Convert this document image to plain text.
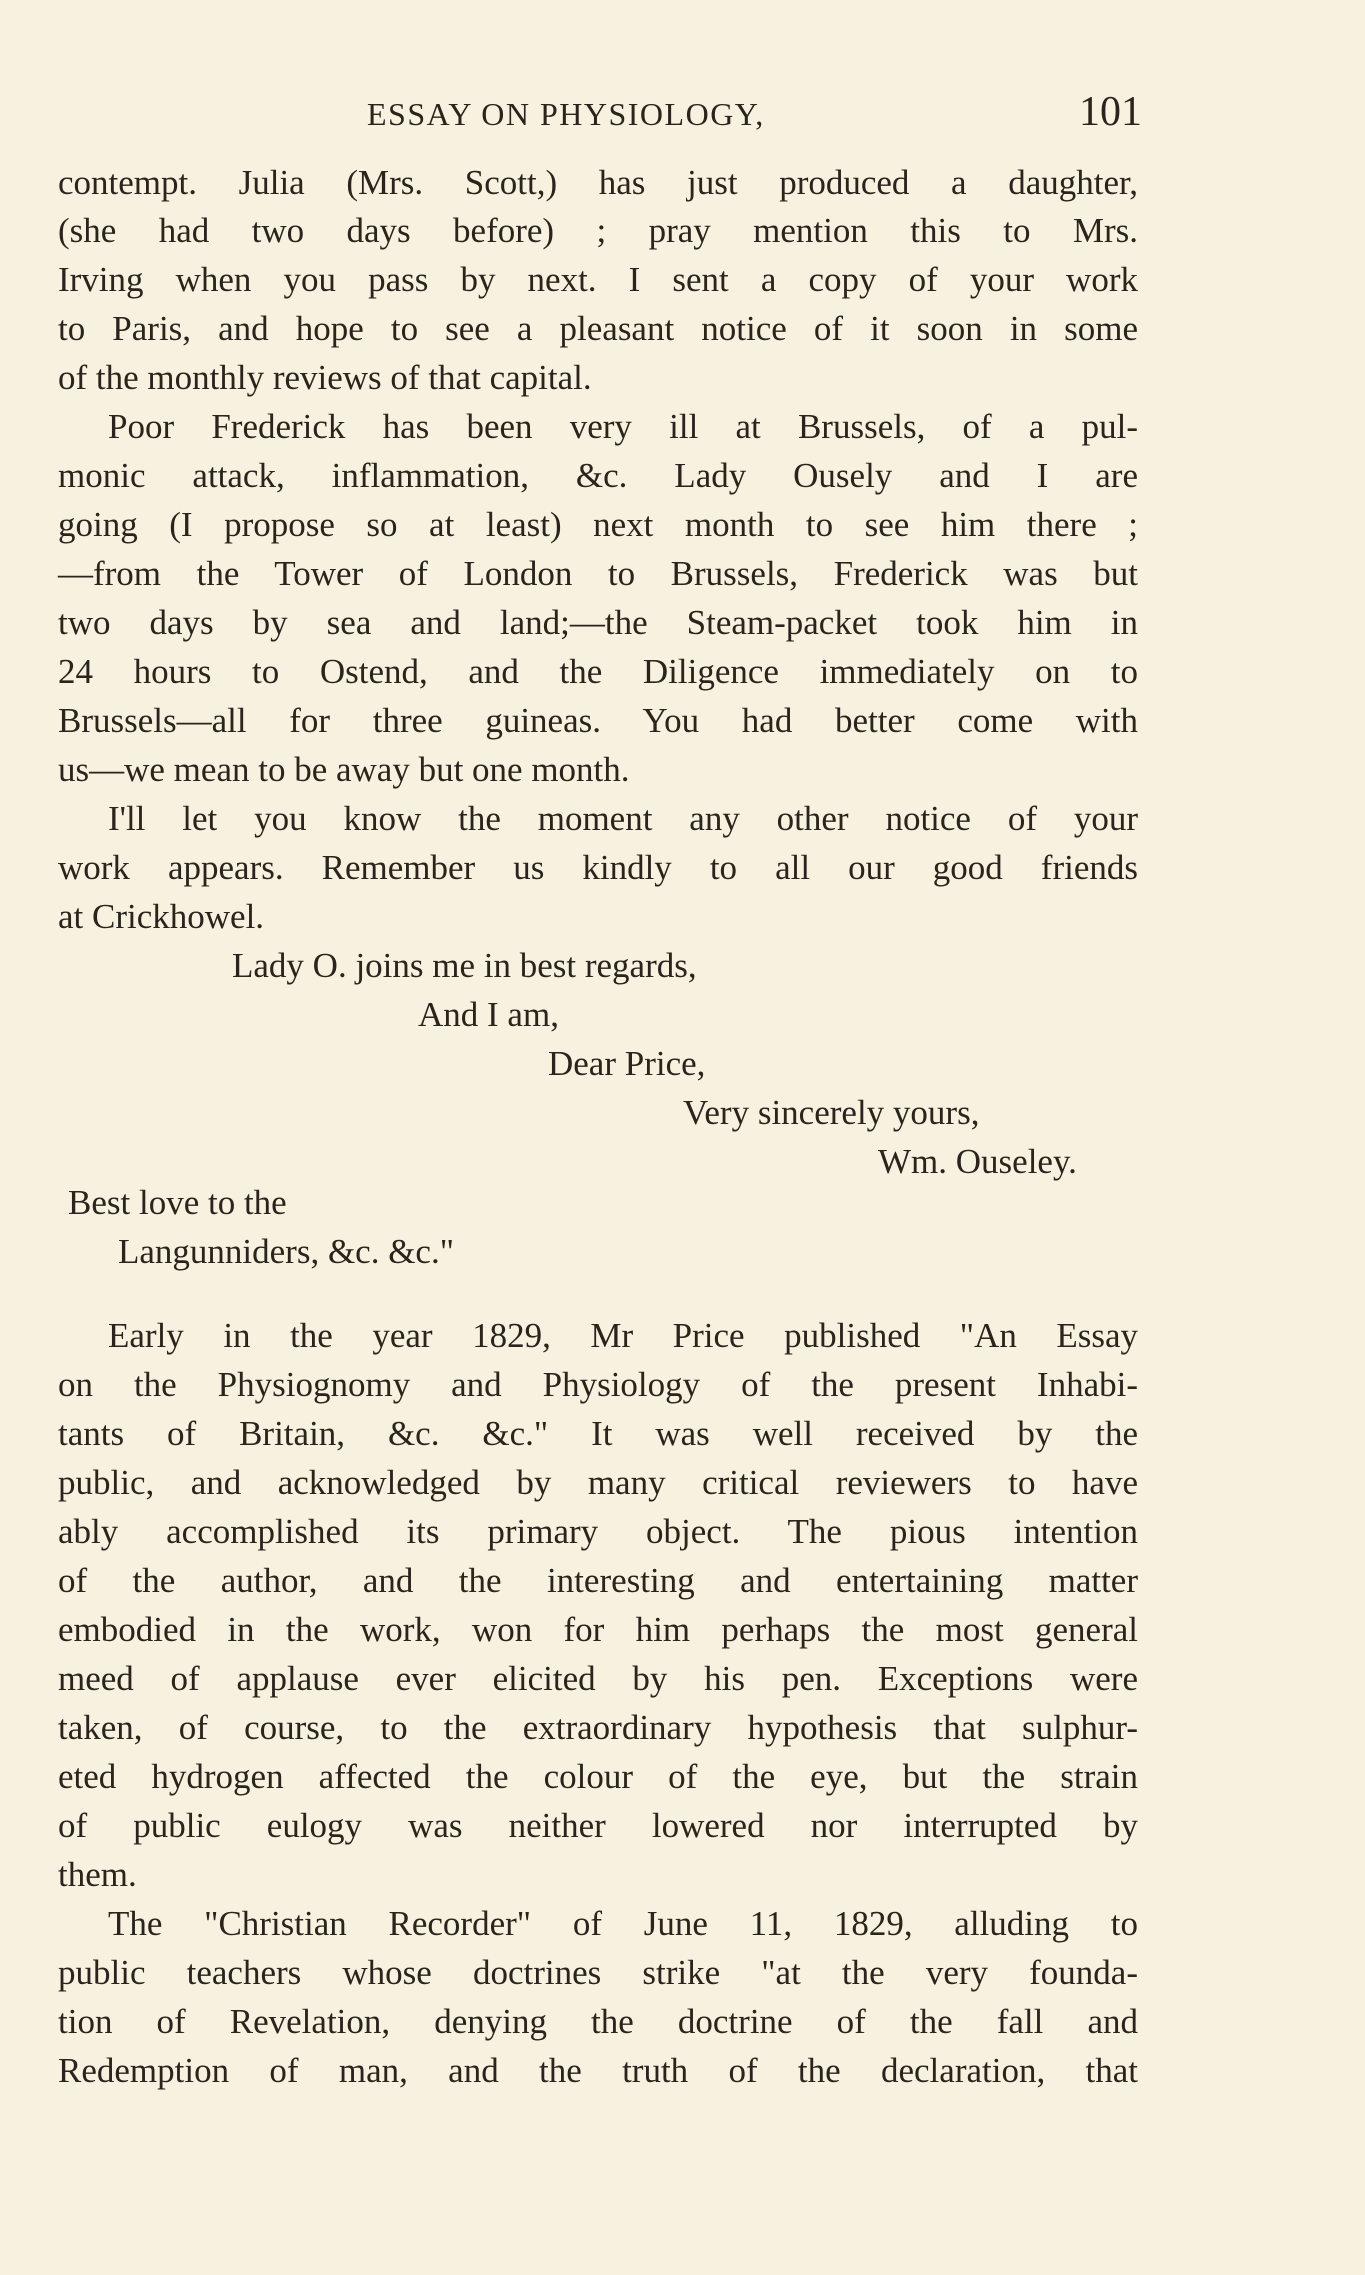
ESSAY ON PHYSIOLOGY,	101
contempt. Julia (Mrs. Scott,) has just produced a daughter,
(she had two days before) ; pray mention this to Mrs.
Irving when you pass by next. I sent a copy of your work
to Paris, and hope to see a pleasant notice of it soon in some
of the monthly reviews of that capital.
Poor Frederick has been very ill at Brussels, of a pul-
monic attack, inflammation, &c. Lady Ousely and I are
going (I propose so at least) next month to see him there ;
—from the Tower of London to Brussels, Frederick was but
two days by sea and land;—the Steam-packet took him in
24 hours to Ostend, and the Diligence immediately on to
Brussels—all for three guineas. You had better come with
us—we mean to be away but one month.
I'll let you know the moment any other notice of your
work appears. Remember us kindly to all our good friends
at Crickhowel.
Lady O. joins me in best regards,
And I am,
Dear Price,
Very sincerely yours,
Wm. Ouseley.
Best love to the
Langunniders, &c. &c."
Early in the year 1829, Mr Price published "An Essay
on the Physiognomy and Physiology of the present Inhabi-
tants of Britain, &c. &c." It was well received by the
public, and acknowledged by many critical reviewers to have
ably accomplished its primary object. The pious intention
of the author, and the interesting and entertaining matter
embodied in the work, won for him perhaps the most general
meed of applause ever elicited by his pen. Exceptions were
taken, of course, to the extraordinary hypothesis that sulphur-
eted hydrogen affected the colour of the eye, but the strain
of public eulogy was neither lowered nor interrupted by
them.
The "Christian Recorder" of June 11, 1829, alluding to
public teachers whose doctrines strike "at the very founda-
tion of Revelation, denying the doctrine of the fall and
Redemption of man, and the truth of the declaration, that
